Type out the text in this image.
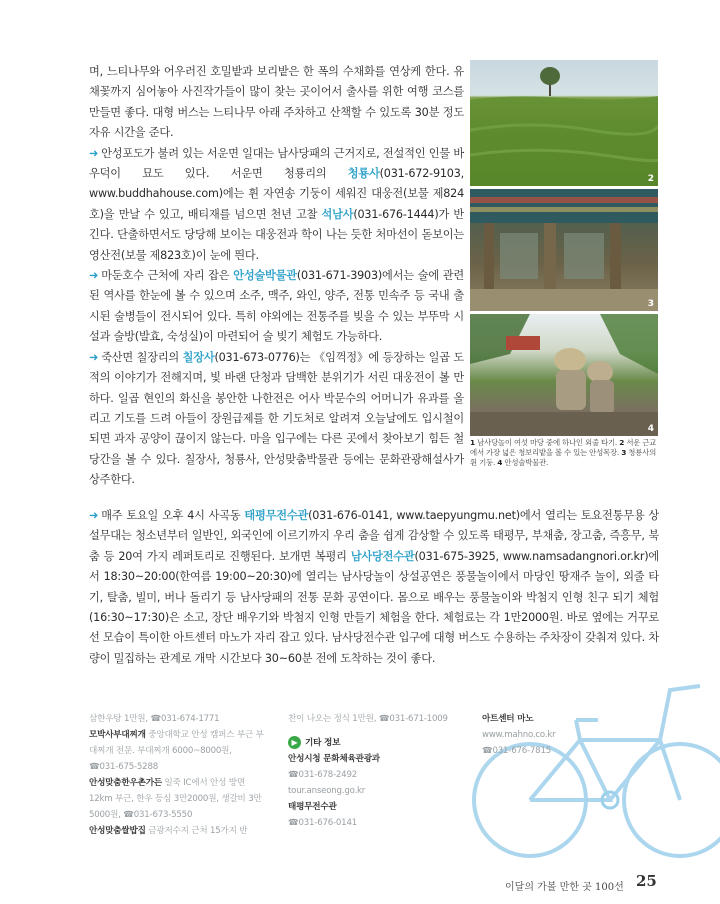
며, 느티나무와 어우러진 호밀밭과 보리밭은 한 폭의 수채화를 연상케 한다. 유채꽃까지 심어놓아 사진작가들이 많이 찾는 곳이어서 출사를 위한 여행 코스를 만들면 좋다. 대형 버스는 느티나무 아래 주차하고 산책할 수 있도록 30분 정도 자유 시간을 준다.

➜ 안성포도가 불려 있는 서운면 일대는 남사당패의 근거지로, 전설적인 인물 바우덕이 묘도 있다. 서운면 청룡리의 청룡사(031-672-9103, www.buddhahouse.com)에는 휜 자연송 기둥이 세워진 대웅전(보물 제824호)을 만날 수 있고, 배티재를 넘으면 천년 고찰 석남사(031-676-1444)가 반긴다. 단출하면서도 당당해 보이는 대웅전과 학이 나는 듯한 처마선이 돋보이는 영산전(보물 제823호)이 눈에 띈다.

➜ 마둔호수 근처에 자리 잡은 안성술박물관(031-671-3903)에서는 술에 관련된 역사를 한눈에 볼 수 있으며 소주, 맥주, 와인, 양주, 전통 민속주 등 국내 출시된 술병들이 전시되어 있다. 특히 야외에는 전통주를 빚을 수 있는 부뚜막 시설과 술방(발효, 숙성실)이 마련되어 술 빚기 체험도 가능하다.

➜ 죽산면 칠장리의 칠장사(031-673-0776)는 《임꺽정》에 등장하는 일곱 도적의 이야기가 전해지며, 빛 바랜 단청과 담백한 분위기가 서린 대웅전이 볼 만하다. 일곱 현인의 화신을 봉안한 나한전은 어사 박문수의 어머니가 유과를 올리고 기도를 드려 아들이 장원급제를 한 기도처로 알려져 오늘날에도 입시철이 되면 과자 공양이 끊이지 않는다. 마을 입구에는 다른 곳에서 찾아보기 힘든 철당간을 볼 수 있다. 칠장사, 청룡사, 안성맞춤박물관 등에는 문화관광해설사가 상주한다.

➜ 매주 토요일 오후 4시 사곡동 태평무전수관(031-676-0141, www.taepyungmu.net)에서 열리는 토요전통무용 상설무대는 청소년부터 일반인, 외국인에 이르기까지 우리 춤을 쉽게 감상할 수 있도록 태평무, 부채춤, 장고춤, 즉흥무, 북춤 등 20여 가지 레퍼토리로 진행된다. 보개면 복평리 남사당전수관(031-675-3925, www.namsadangnori.or.kr)에서 18:30~20:00(한여름 19:00~20:30)에 열리는 남사당놀이 상설공연은 풍물놀이에서 마당인 땅재주 놀이, 외줄 타기, 탈춤, 빌미, 버나 돌리기 등 남사당패의 전통 문화 공연이다. 몸으로 배우는 풍물놀이와 박첨지 인형 친구 되기 체험(16:30~17:30)은 소고, 장단 배우기와 박첨지 인형 만들기 체험을 한다. 체험료는 각 1만2000원. 바로 옆에는 거꾸로 선 모습이 특이한 아트센터 마노가 자리 잡고 있다. 남사당전수관 입구에 대형 버스도 수용하는 주차장이 갖춰져 있다. 차량이 밀집하는 관계로 개막 시간보다 30~60분 전에 도착하는 것이 좋다.

2
3
4
1 남사당놀이 여섯 마당 중에 하나인 외줄 타기. 2 서운 근교에서 가장 넓은 청보리밭을 볼 수 있는 안성목장. 3 청룡사의 휜 기둥. 4 안성술박물관.
삼한우탕 1만원, ☎031-674-1771
모박사부대찌개 중앙대학교 안성 캠퍼스 부근 부대찌개 전문. 부대찌개 6000~8000원,
☎031-675-5288
안성맞춤한우촌가든 일죽 IC에서 안성 방면 12km 부근, 한우 등심 3만2000원, 생갈비 3만5000원, ☎031-673-5550
안성맞춤쌀밥집 금광저수지 근처 15가지 반
찬이 나오는 정식 1만원, ☎031-671-1009
▶ 기타 정보
안성시청 문화체육관광과
☎031-678-2492
tour.anseong.go.kr
태평무전수관
☎031-676-0141
아트센터 마노
www.mahno.co.kr
☎031-676-7815
이달의 가볼 만한 곳 100선 25
